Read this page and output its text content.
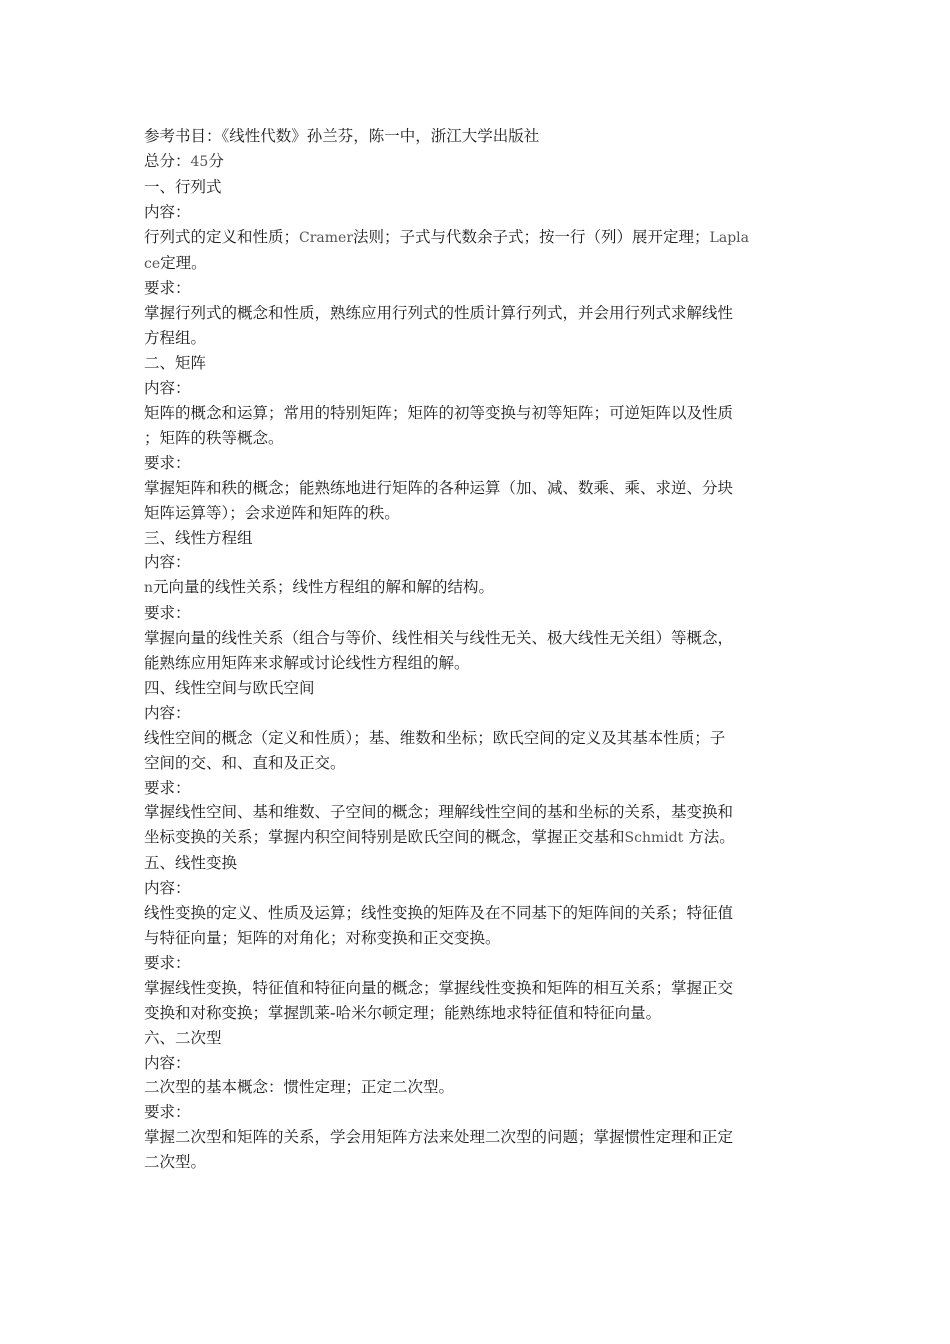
参考书目：《线性代数》孙兰芬，陈一中，浙江大学出版社

总分：45分

一、行列式

内容：

行列式的定义和性质；Cramer法则；子式与代数余子式；按一行（列）展开定理；Lapla

ce定理。

要求：

掌握行列式的概念和性质，熟练应用行列式的性质计算行列式，并会用行列式求解线性

方程组。

二、矩阵

内容：

矩阵的概念和运算；常用的特别矩阵；矩阵的初等变换与初等矩阵；可逆矩阵以及性质

；矩阵的秩等概念。

要求：

掌握矩阵和秩的概念；能熟练地进行矩阵的各种运算（加、减、数乘、乘、求逆、分块

矩阵运算等）；会求逆阵和矩阵的秩。

三、线性方程组

内容：

n元向量的线性关系；线性方程组的解和解的结构。

要求：

掌握向量的线性关系（组合与等价、线性相关与线性无关、极大线性无关组）等概念，

能熟练应用矩阵来求解或讨论线性方程组的解。

四、线性空间与欧氏空间

内容：

线性空间的概念（定义和性质）；基、维数和坐标；欧氏空间的定义及其基本性质；子

空间的交、和、直和及正交。

要求：

掌握线性空间、基和维数、子空间的概念；理解线性空间的基和坐标的关系，基变换和

坐标变换的关系；掌握内积空间特别是欧氏空间的概念，掌握正交基和Schmidt 方法。

五、线性变换

内容：

线性变换的定义、性质及运算；线性变换的矩阵及在不同基下的矩阵间的关系；特征值

与特征向量；矩阵的对角化；对称变换和正交变换。

要求：

掌握线性变换，特征值和特征向量的概念；掌握线性变换和矩阵的相互关系；掌握正交

变换和对称变换；掌握凯莱-哈米尔顿定理；能熟练地求特征值和特征向量。

六、二次型

内容：

二次型的基本概念：惯性定理；正定二次型。

要求：

掌握二次型和矩阵的关系，学会用矩阵方法来处理二次型的问题；掌握惯性定理和正定

二次型。
